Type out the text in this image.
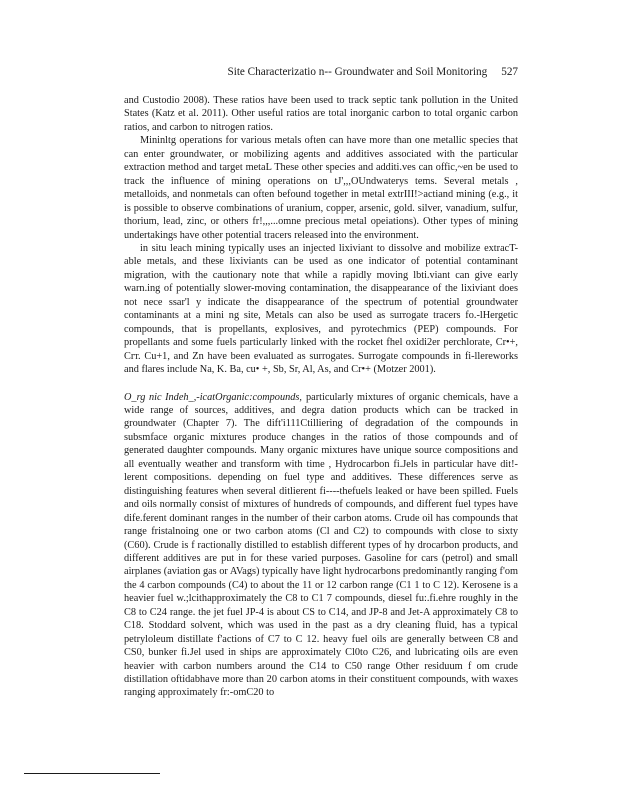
Site Characterizatio n-- Groundwater and Soil Monitoring 527

and Custodio 2008). These ratios have been used to track septic tank pollution in the United States (Katz et al. 2011). Other useful ratios are total inorganic carbon to total organic carbon ratios, and carbon to nitrogen ratios.

Mininltg operations for various metals often can have more than one metallic species that can enter groundwater, or mobilizing agents and additives associated with the particular extraction method and target metaL These other species and additi.ves can offic,~en be used to track the influence of mining operations on tJ',,,OUndwaterys tems. Several metals , metalloids, and nonmetals can often befound together in metal extrIII!>actiand mining (e.g., it is possible to observe combinations of uranium, copper, arsenic, gold. silver, vanadium, sulfur, thorium, lead, zinc, or others fr!,,,...omne precious metal opeiations). Other types of mining undertakings have other potential tracers released into the environment.

in situ leach mining typically uses an injected lixiviant to dissolve and mobilize extracT-able metals, and these lixiviants can be used as one indicator of potential contaminant migration, with the cautionary note that while a rapidly moving lbti.viant can give early warn.ing of potentially slower-moving contamination, the disappearance of the lixiviant does not nece ssar'l y indicate the disappearance of the spectrum of potential groundwater contaminants at a mini ng site, Metals can also be used as surrogate tracers fo.-lHergetic compounds, that is propellants, explosives, and pyrotechmics (PEP) compounds. For propellants and some fuels particularly linked with the rocket fhel oxidi2er perchlorate, Cr•+, Crт. Cu+1, and Zn have been evaluated as surrogates. Surrogate compounds in fi-llereworks and flares include Na, K. Ba, cu• +, Sb, Sr, Al, As, and Cr•+ (Motzer 2001).

O_rg nic Indeh_,-icatOrganic:compounds, particularly mixtures of organic chemicals, have a wide range of sources, additives, and degra dation products which can be tracked in groundwater (Chapter 7). The dift'i111Ctilliering of degradation of the compounds in subsmface organic mixtures produce changes in the ratios of those compounds and of generated daughter compounds. Many organic mixtures have unique source compositions and all eventually weather and transform with time , Hydrocarbon fi.Jels in particular have dit!-lerent compositions. depending on fuel type and additives. These differences serve as distinguishing features when several ditlierent fi----thefuels leaked or have been spilled. Fuels and oils normally consist of mixtures of hundreds of compounds, and different fuel types have dife.ferent dominant ranges in the number of their carbon atoms. Crude oil has compounds that range fristalnoing one or two carbon atoms (Cl and C2) to compounds with close to sixty (C60). Crude is f ractionally distilled to establish different types of hy drocarbon products, and different additives are put in for these varied purposes. Gasoline for cars (petrol) and small airplanes (aviation gas or AVags) typically have light hydrocarbons predominantly ranging f'om the 4 carbon compounds (C4) to about the 11 or 12 carbon range (C1 1 to C 12). Kerosene is a heavier fuel w.;lcithapproximately the C8 to C1 7 compounds, diesel fu:.fi.ehre roughly in the C8 to C24 range. the jet fuel JP-4 is about CS to C14, and JP-8 and Jet-A approximately C8 to C18. Stoddard solvent, which was used in the past as a dry cleaning fluid, has a typical petryloleum distillate f'actions of C7 to C 12. heavy fuel oils are generally between C8 and CS0, bunker fi.Jel used in ships are approximately Cl0to C26, and lubricating oils are even heavier with carbon numbers around the C14 to C50 range Other residuum f om crude distillation oftidabhave more than 20 carbon atoms in their constituent compounds, with waxes ranging approximately fr:-omC20 to
